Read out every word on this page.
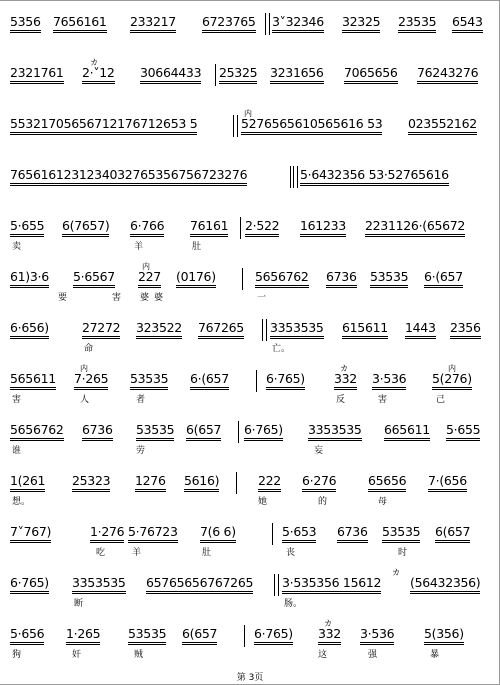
5356 7656161 233217 6723765 3˅32346 32325 23535 6543
2321761
カ
2·˅12 30664433 25325 3231656 7065656 76243276
55321705656712176712653 5
内
5276565610565616 53 023552162
7656161231234032765356756723276	5·6432356 53·52765616
5·655 6(7657) 6·766 76161 2·522 161233 2231126·(65672
卖	羊	肚
61)3·6 5·6567
内
227 (0176)	5656762 6736 53535 6·(657
要	害 婆 婆	一
6·656)	27272 323522 767265 3353535 615611 1443 2356
命	亡。
565611
内
7·265 53535 6·(657	6·765)
カ
332 3·536
内
5(276)
害	人	者	反	害	己
5656762 6736 53535 6(657 6·765) 3353535 665611 5·655
谁	劳	妄
1(261 25323 1276 5616)	222 6·276	65656 7·(656
想。	她	的	母
7˅767)	1·276 5·76723 7(6 6)	5·653 6736 53535 6(657
吃	羊	肚	丧	时
6·765) 3353535 65765656767265 3·535356 15612
カ
(56432356)
断	肠。
5·656 1·265 53535 6(657	6·765)
カ
332 3·536 5(356)
狗	奸	贼	这	强	暴
第 3页
